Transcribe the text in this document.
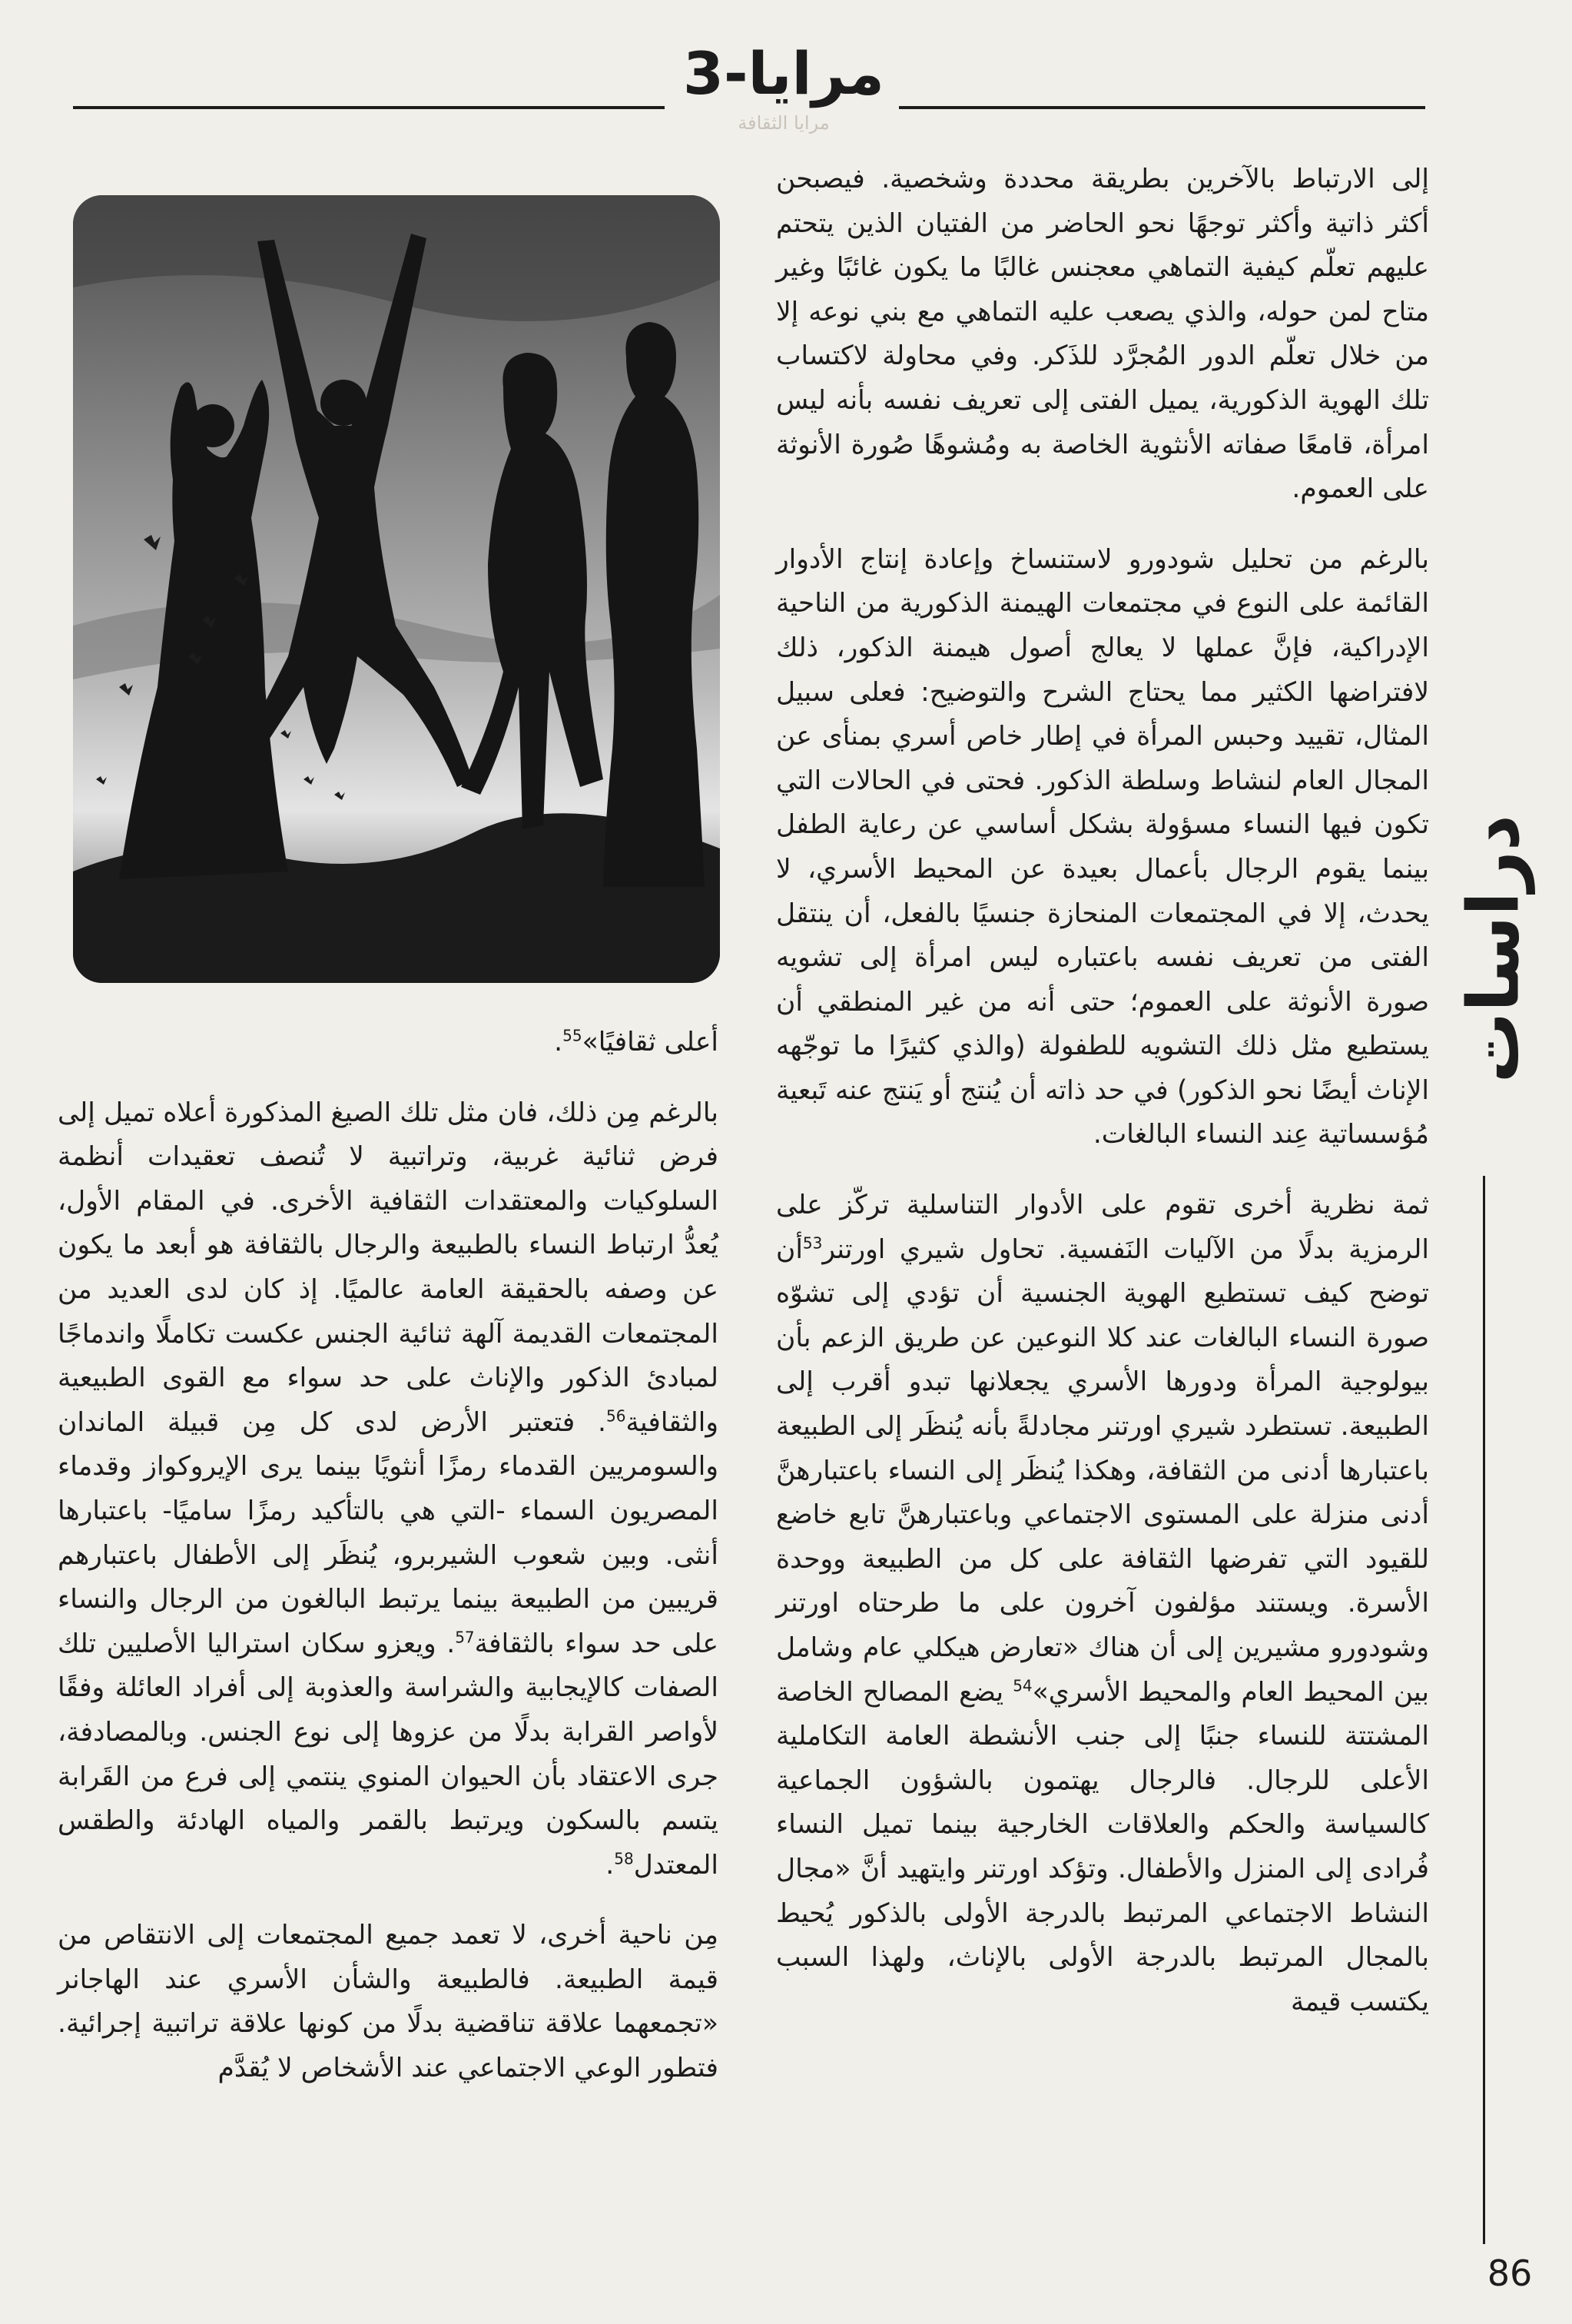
مرايا-3
مرايا الثقافة

إلى الارتباط بالآخرين بطريقة محددة وشخصية. فيصبحن أكثر ذاتية وأكثر توجهًا نحو الحاضر من الفتيان الذين يتحتم عليهم تعلّم كيفية التماهي معجنس غالبًا ما يكون غائبًا وغير متاح لمن حوله، والذي يصعب عليه التماهي مع بني نوعه إلا من خلال تعلّم الدور المُجرَّد للذَكر. وفي محاولة لاكتساب تلك الهوية الذكورية، يميل الفتى إلى تعريف نفسه بأنه ليس امرأة، قامعًا صفاته الأنثوية الخاصة به ومُشوهًا صُورة الأنوثة على العموم.

بالرغم من تحليل شودورو لاستنساخ وإعادة إنتاج الأدوار القائمة على النوع في مجتمعات الهيمنة الذكورية من الناحية الإدراكية، فإنَّ عملها لا يعالج أصول هيمنة الذكور، ذلك لافتراضها الكثير مما يحتاج الشرح والتوضيح: فعلى سبيل المثال، تقييد وحبس المرأة في إطار خاص أسري بمنأى عن المجال العام لنشاط وسلطة الذكور. فحتى في الحالات التي تكون فيها النساء مسؤولة بشكل أساسي عن رعاية الطفل بينما يقوم الرجال بأعمال بعيدة عن المحيط الأسري، لا يحدث، إلا في المجتمعات المنحازة جنسيًا بالفعل، أن ينتقل الفتى من تعريف نفسه باعتباره ليس امرأة إلى تشويه صورة الأنوثة على العموم؛ حتى أنه من غير المنطقي أن يستطيع مثل ذلك التشويه للطفولة (والذي كثيرًا ما توجّهه الإناث أيضًا نحو الذكور) في حد ذاته أن يُنتج أو يَنتج عنه تَبعية مُؤسساتية عِند النساء البالغات.

ثمة نظرية أخرى تقوم على الأدوار التناسلية تركّز على الرمزية بدلًا من الآليات النَفسية. تحاول شيري اورتنر$^{53}$أن توضح كيف تستطيع الهوية الجنسية أن تؤدي إلى تشوّه صورة النساء البالغات عند كلا النوعين عن طريق الزعم بأن بيولوجية المرأة ودورها الأسري يجعلانها تبدو أقرب إلى الطبيعة. تستطرد شيري اورتنر مجادلةً بأنه يُنظَر إلى الطبيعة باعتبارها أدنى من الثقافة، وهكذا يُنظَر إلى النساء باعتبارهنَّ أدنى منزلة على المستوى الاجتماعي وباعتبارهنَّ تابع خاضع للقيود التي تفرضها الثقافة على كل من الطبيعة ووحدة الأسرة. ويستند مؤلفون آخرون على ما طرحتاه اورتنر وشودورو مشيرين إلى أن هناك «تعارض هيكلي عام وشامل بين المحيط العام والمحيط الأسري»$^{54}$ يضع المصالح الخاصة المشتتة للنساء جنبًا إلى جنب الأنشطة العامة التكاملية الأعلى للرجال. فالرجال يهتمون بالشؤون الجماعية كالسياسة والحكم والعلاقات الخارجية بينما تميل النساء فُرادى إلى المنزل والأطفال. وتؤكد اورتنر وايتهيد أنَّ «مجال النشاط الاجتماعي المرتبط بالدرجة الأولى بالذكور يُحيط بالمجال المرتبط بالدرجة الأولى بالإناث، ولهذا السبب يكتسب قيمة

أعلى ثقافيًا»$^{55}$.

بالرغم مِن ذلك، فان مثل تلك الصيغ المذكورة أعلاه تميل إلى فرض ثنائية غربية، وتراتبية لا تُنصف تعقيدات أنظمة السلوكيات والمعتقدات الثقافية الأخرى. في المقام الأول، يُعدُّ ارتباط النساء بالطبيعة والرجال بالثقافة هو أبعد ما يكون عن وصفه بالحقيقة العامة عالميًا. إذ كان لدى العديد من المجتمعات القديمة آلهة ثنائية الجنس عكست تكاملًا واندماجًا لمبادئ الذكور والإناث على حد سواء مع القوى الطبيعية والثقافية$^{56}$. فتعتبر الأرض لدى كل مِن قبيلة الماندان والسومريين القدماء رمزًا أنثويًا بينما يرى الإيروكواز وقدماء المصريون السماء -التي هي بالتأكيد رمزًا ساميًا- باعتبارها أنثى. وبين شعوب الشيربرو، يُنظَر إلى الأطفال باعتبارهم قريبين من الطبيعة بينما يرتبط البالغون من الرجال والنساء على حد سواء بالثقافة$^{57}$. ويعزو سكان استراليا الأصليين تلك الصفات كالإيجابية والشراسة والعذوبة إلى أفراد العائلة وفقًا لأواصر القرابة بدلًا من عزوها إلى نوع الجنس. وبالمصادفة، جرى الاعتقاد بأن الحيوان المنوي ينتمي إلى فرع من القَرابة يتسم بالسكون ويرتبط بالقمر والمياه الهادئة والطقس المعتدل$^{58}$.

مِن ناحية أخرى، لا تعمد جميع المجتمعات إلى الانتقاص من قيمة الطبيعة. فالطبيعة والشأن الأسري عند الهاجانر «تجمعهما علاقة تناقضية بدلًا من كونها علاقة تراتبية إجرائية. فتطور الوعي الاجتماعي عند الأشخاص لا يُقدَّم

دراسات
86
